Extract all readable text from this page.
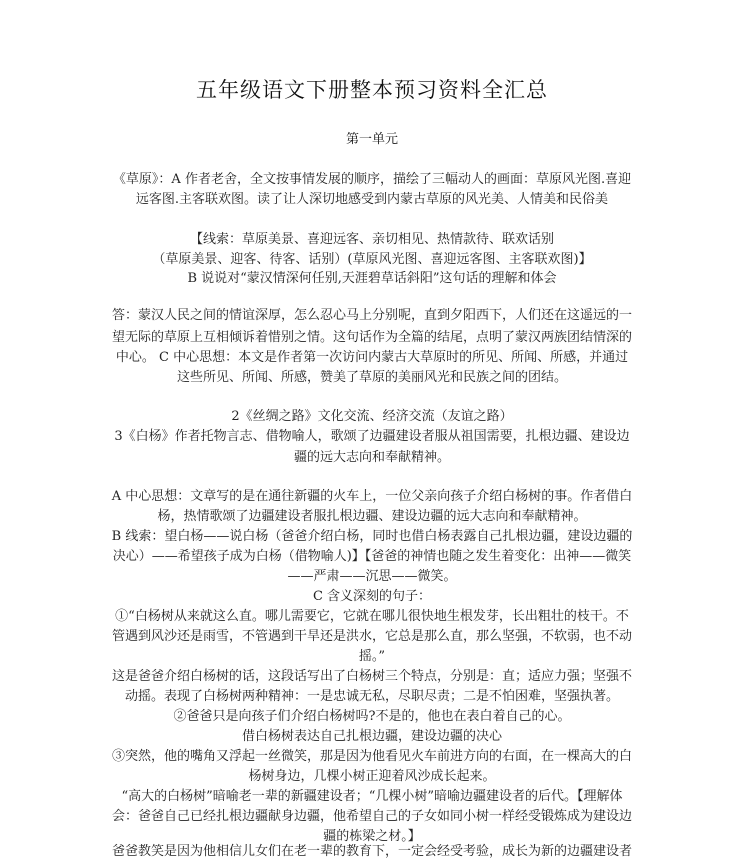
五年级语文下册整本预习资料全汇总
第一单元
《草原》：A 作者老舍，全文按事情发展的顺序，描绘了三幅动人的画面：草原风光图.喜迎
远客图.主客联欢图。读了让人深切地感受到内蒙古草原的风光美、人情美和民俗美
【线索：草原美景、喜迎远客、亲切相见、热情款待、联欢话别
（草原美景、迎客、待客、话别）(草原风光图、喜迎远客图、主客联欢图)】
B 说说对“蒙汉情深何任别,天涯碧草话斜阳”这句话的理解和体会
答：蒙汉人民之间的情谊深厚，怎么忍心马上分别呢，直到夕阳西下，人们还在这遥远的一
望无际的草原上互相倾诉着惜别之情。这句话作为全篇的结尾，点明了蒙汉两族团结情深的
中心。 C 中心思想：本文是作者第一次访问内蒙古大草原时的所见、所闻、所感，并通过
这些所见、所闻、所感，赞美了草原的美丽风光和民族之间的团结。
2《丝绸之路》文化交流、经济交流（友谊之路）
3《白杨》作者托物言志、借物喻人，歌颂了边疆建设者服从祖国需要，扎根边疆、建设边
疆的远大志向和奉献精神。
A 中心思想：文章写的是在通往新疆的火车上，一位父亲向孩子介绍白杨树的事。作者借白
杨，热情歌颂了边疆建设者服扎根边疆、建设边疆的远大志向和奉献精神。
B 线索：望白杨——说白杨（爸爸介绍白杨，同时也借白杨表露自己扎根边疆，建设边疆的
决心）——希望孩子成为白杨（借物喻人)】【爸爸的神情也随之发生着变化：出神——微笑
——严肃——沉思——微笑。
C 含义深刻的句子：
①“白杨树从来就这么直。哪儿需要它，它就在哪儿很快地生根发芽，长出粗壮的枝干。不
管遇到风沙还是雨雪，不管遇到干旱还是洪水，它总是那么直，那么坚强，不软弱，也不动
摇。”
这是爸爸介绍白杨树的话，这段话写出了白杨树三个特点，分别是：直；适应力强；坚强不
动摇。表现了白杨树两种精神：一是忠诚无私，尽职尽责；二是不怕困难，坚强执著。
②爸爸只是向孩子们介绍白杨树吗?不是的，他也在表白着自己的心。
借白杨树表达自己扎根边疆，建设边疆的决心
③突然，他的嘴角又浮起一丝微笑，那是因为他看见火车前进方向的右面，在一棵高大的白
杨树身边，几棵小树正迎着风沙成长起来。
“高大的白杨树”暗喻老一辈的新疆建设者；“几棵小树”暗喻边疆建设者的后代。【理解体
会：爸爸自己已经扎根边疆献身边疆，他希望自己的子女如同小树一样经受锻炼成为建设边
疆的栋梁之材。】
爸爸教笑是因为他相信儿女们在老一辈的教育下，一定会经受考验，成长为新的边疆建设者
